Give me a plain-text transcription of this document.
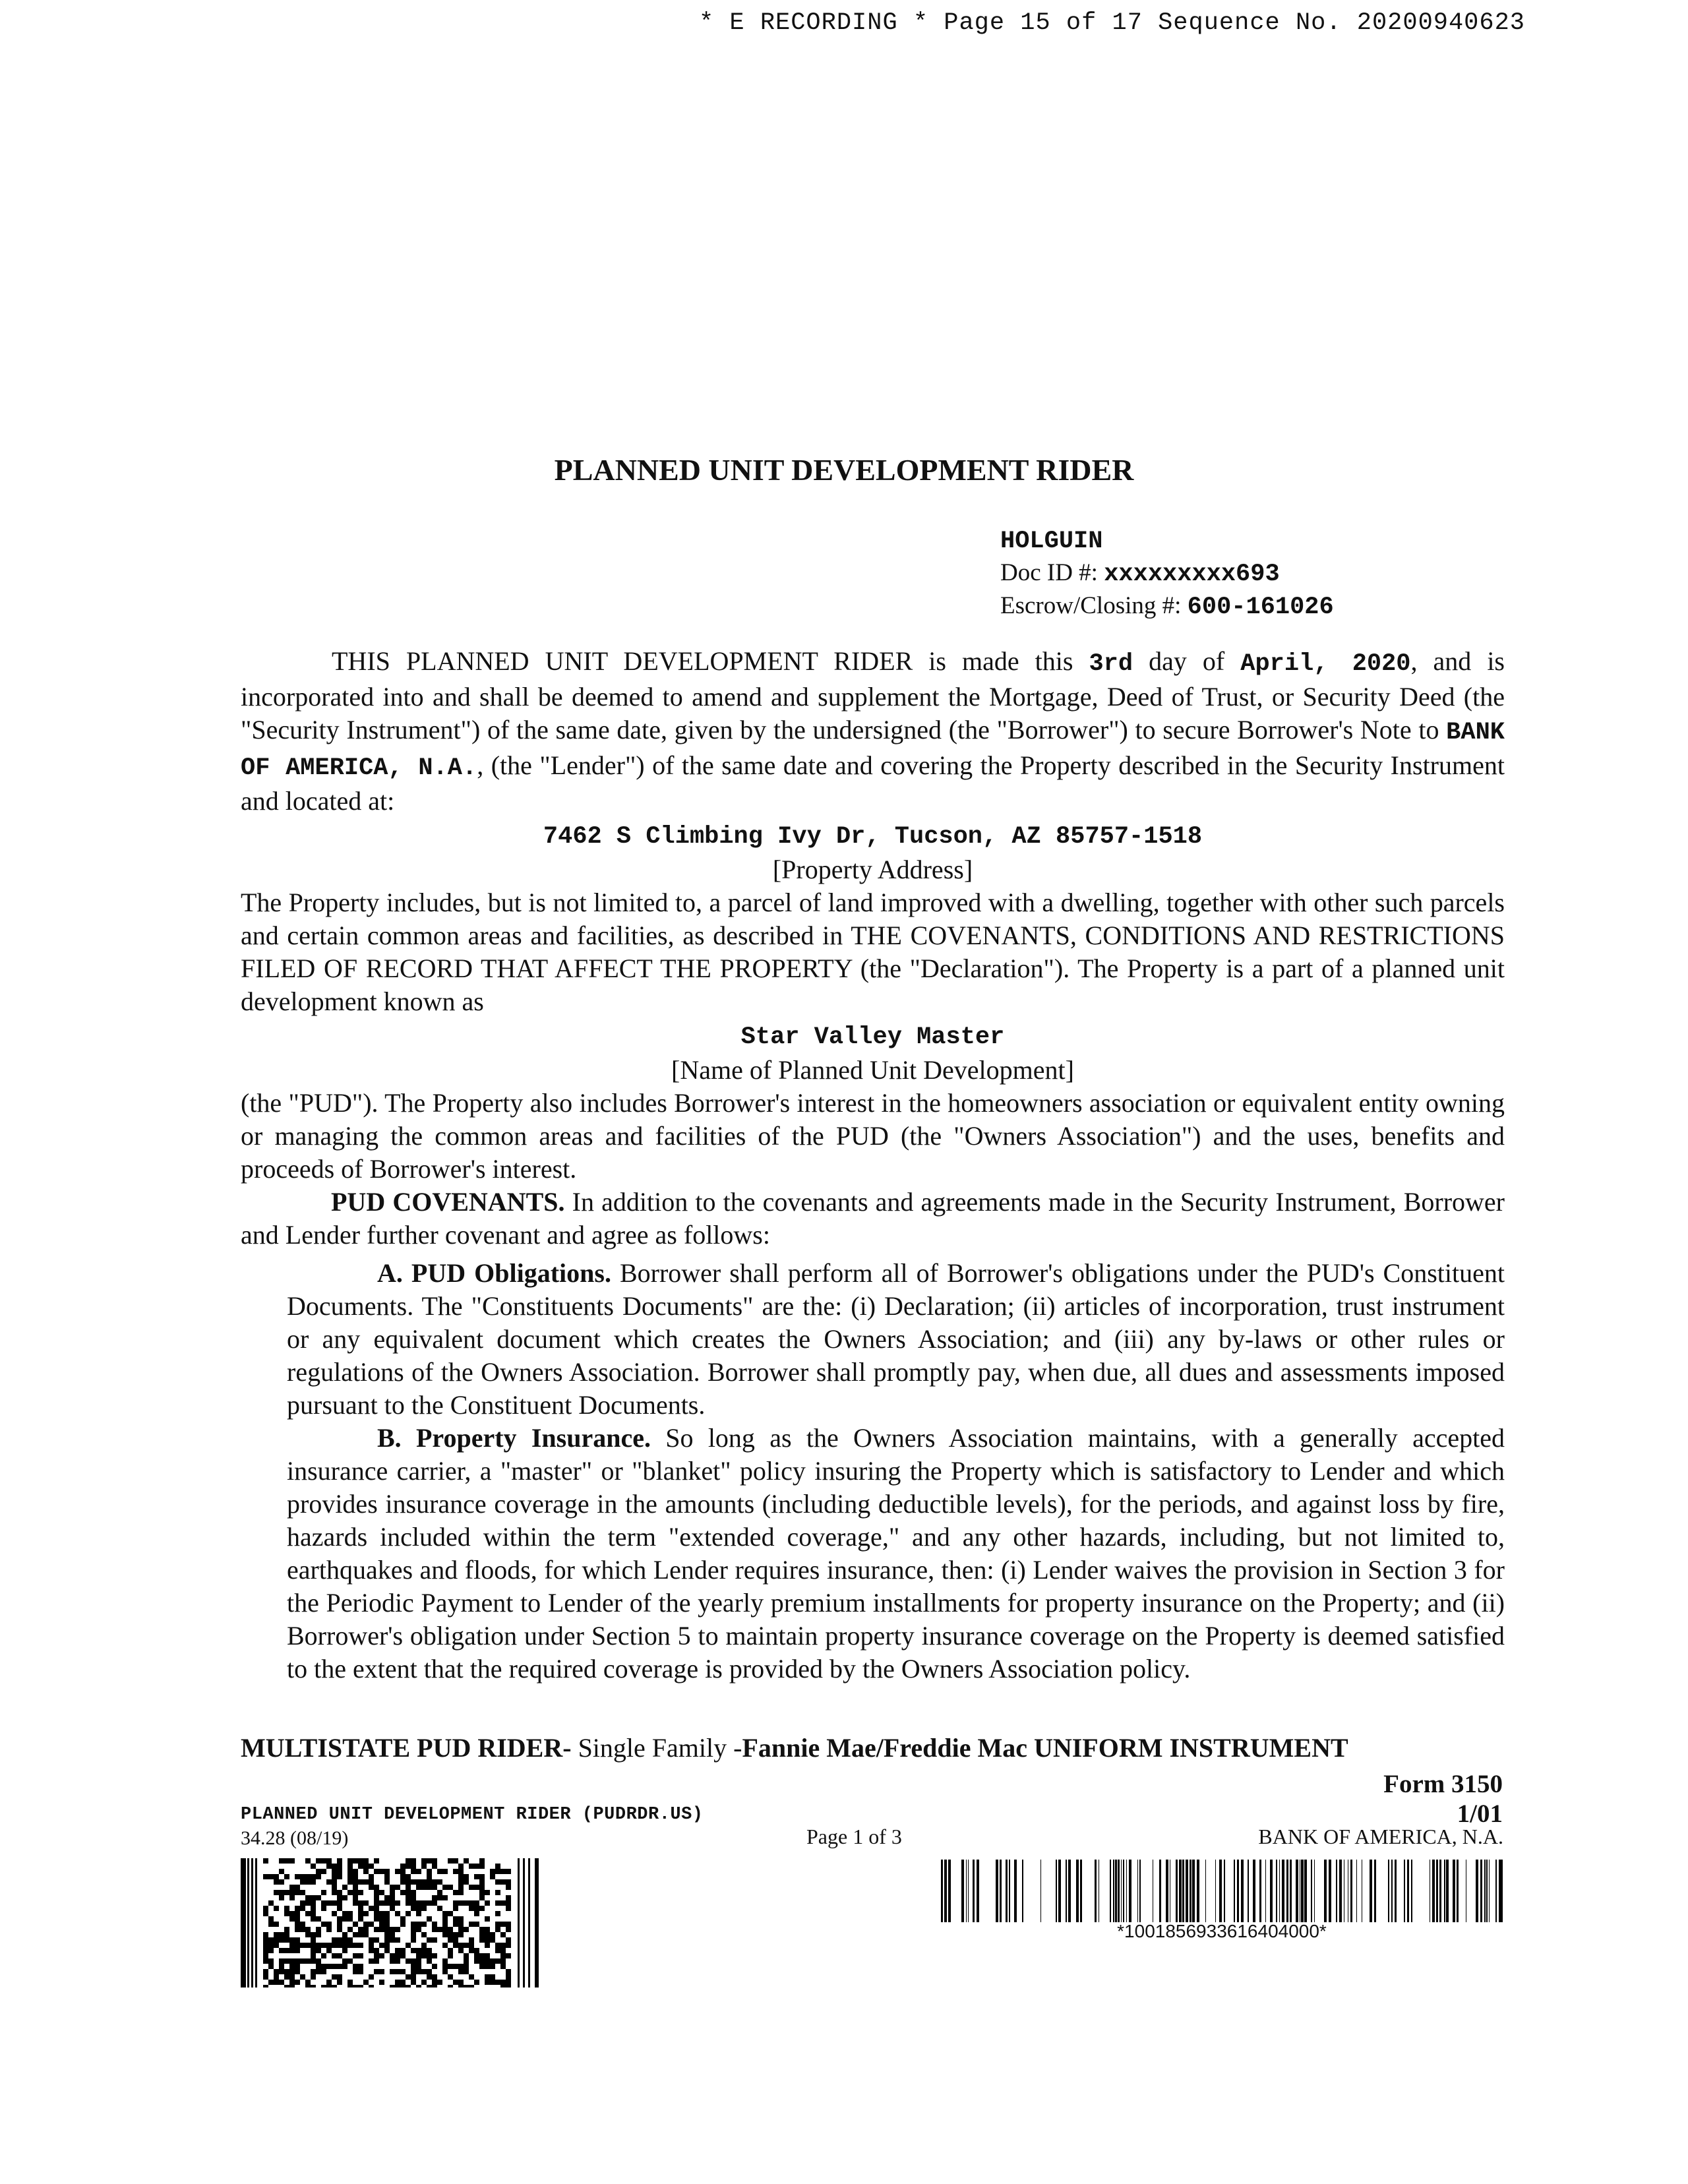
* E RECORDING * Page 15 of 17 Sequence No. 20200940623
PLANNED UNIT DEVELOPMENT RIDER
HOLGUIN
Doc ID #: xxxxxxxxx693
Escrow/Closing #: 600-161026

THIS PLANNED UNIT DEVELOPMENT RIDER is made this 3rd day of April, 2020, and is incorporated into and shall be deemed to amend and supplement the Mortgage, Deed of Trust, or Security Deed (the "Security Instrument") of the same date, given by the undersigned (the "Borrower") to secure Borrower's Note to BANK OF AMERICA, N.A., (the "Lender") of the same date and covering the Property described in the Security Instrument and located at:

7462 S Climbing Ivy Dr, Tucson, AZ 85757-1518

[Property Address]

The Property includes, but is not limited to, a parcel of land improved with a dwelling, together with other such parcels and certain common areas and facilities, as described in THE COVENANTS, CONDITIONS AND RESTRICTIONS FILED OF RECORD THAT AFFECT THE PROPERTY (the "Declaration"). The Property is a part of a planned unit development known as

Star Valley Master

[Name of Planned Unit Development]

(the "PUD"). The Property also includes Borrower's interest in the homeowners association or equivalent entity owning or managing the common areas and facilities of the PUD (the "Owners Association") and the uses, benefits and proceeds of Borrower's interest.

PUD COVENANTS. In addition to the covenants and agreements made in the Security Instrument, Borrower and Lender further covenant and agree as follows:

A. PUD Obligations. Borrower shall perform all of Borrower's obligations under the PUD's Constituent Documents. The "Constituents Documents" are the: (i) Declaration; (ii) articles of incorporation, trust instrument or any equivalent document which creates the Owners Association; and (iii) any by-laws or other rules or regulations of the Owners Association. Borrower shall promptly pay, when due, all dues and assessments imposed pursuant to the Constituent Documents.

B. Property Insurance. So long as the Owners Association maintains, with a generally accepted insurance carrier, a "master" or "blanket" policy insuring the Property which is satisfactory to Lender and which provides insurance coverage in the amounts (including deductible levels), for the periods, and against loss by fire, hazards included within the term "extended coverage," and any other hazards, including, but not limited to, earthquakes and floods, for which Lender requires insurance, then: (i) Lender waives the provision in Section 3 for the Periodic Payment to Lender of the yearly premium installments for property insurance on the Property; and (ii) Borrower's obligation under Section 5 to maintain property insurance coverage on the Property is deemed satisfied to the extent that the required coverage is provided by the Owners Association policy.

MULTISTATE PUD RIDER- Single Family -Fannie Mae/Freddie Mac UNIFORM INSTRUMENT
Form 3150 1/01
PLANNED UNIT DEVELOPMENT RIDER (PUDRDR.US)
34.28 (08/19)	Page 1 of 3	BANK OF AMERICA, N.A.
*1001856933616404000*
